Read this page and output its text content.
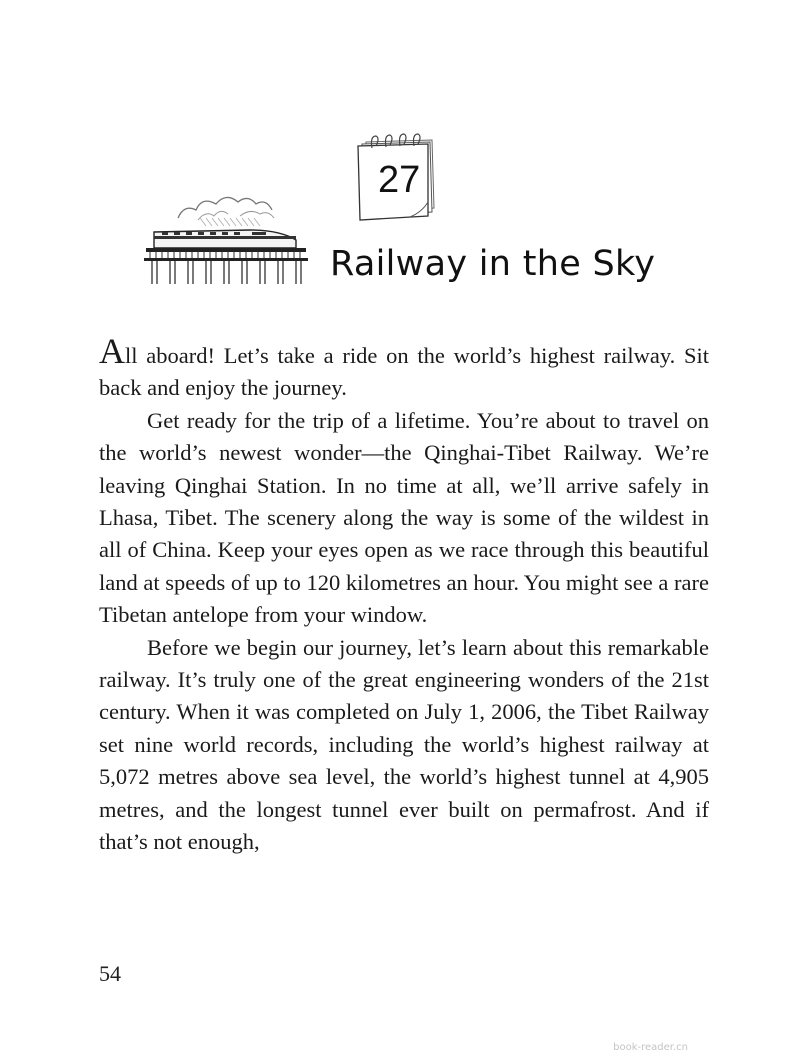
27
Railway in the Sky

All aboard! Let’s take a ride on the world’s highest railway. Sit back and enjoy the journey.

Get ready for the trip of a lifetime. You’re about to travel on the world’s newest wonder—the Qinghai-Tibet Railway. We’re leaving Qinghai Station. In no time at all, we’ll arrive safely in Lhasa, Tibet. The scenery along the way is some of the wildest in all of China. Keep your eyes open as we race through this beautiful land at speeds of up to 120 kilometres an hour. You might see a rare Tibetan antelope from your window.

Before we begin our journey, let’s learn about this remarkable railway. It’s truly one of the great engineering wonders of the 21st century. When it was completed on July 1, 2006, the Tibet Railway set nine world records, including the world’s highest railway at 5,072 metres above sea level, the world’s highest tunnel at 4,905 metres, and the longest tunnel ever built on permafrost. And if that’s not enough,

54
book-reader.cn
